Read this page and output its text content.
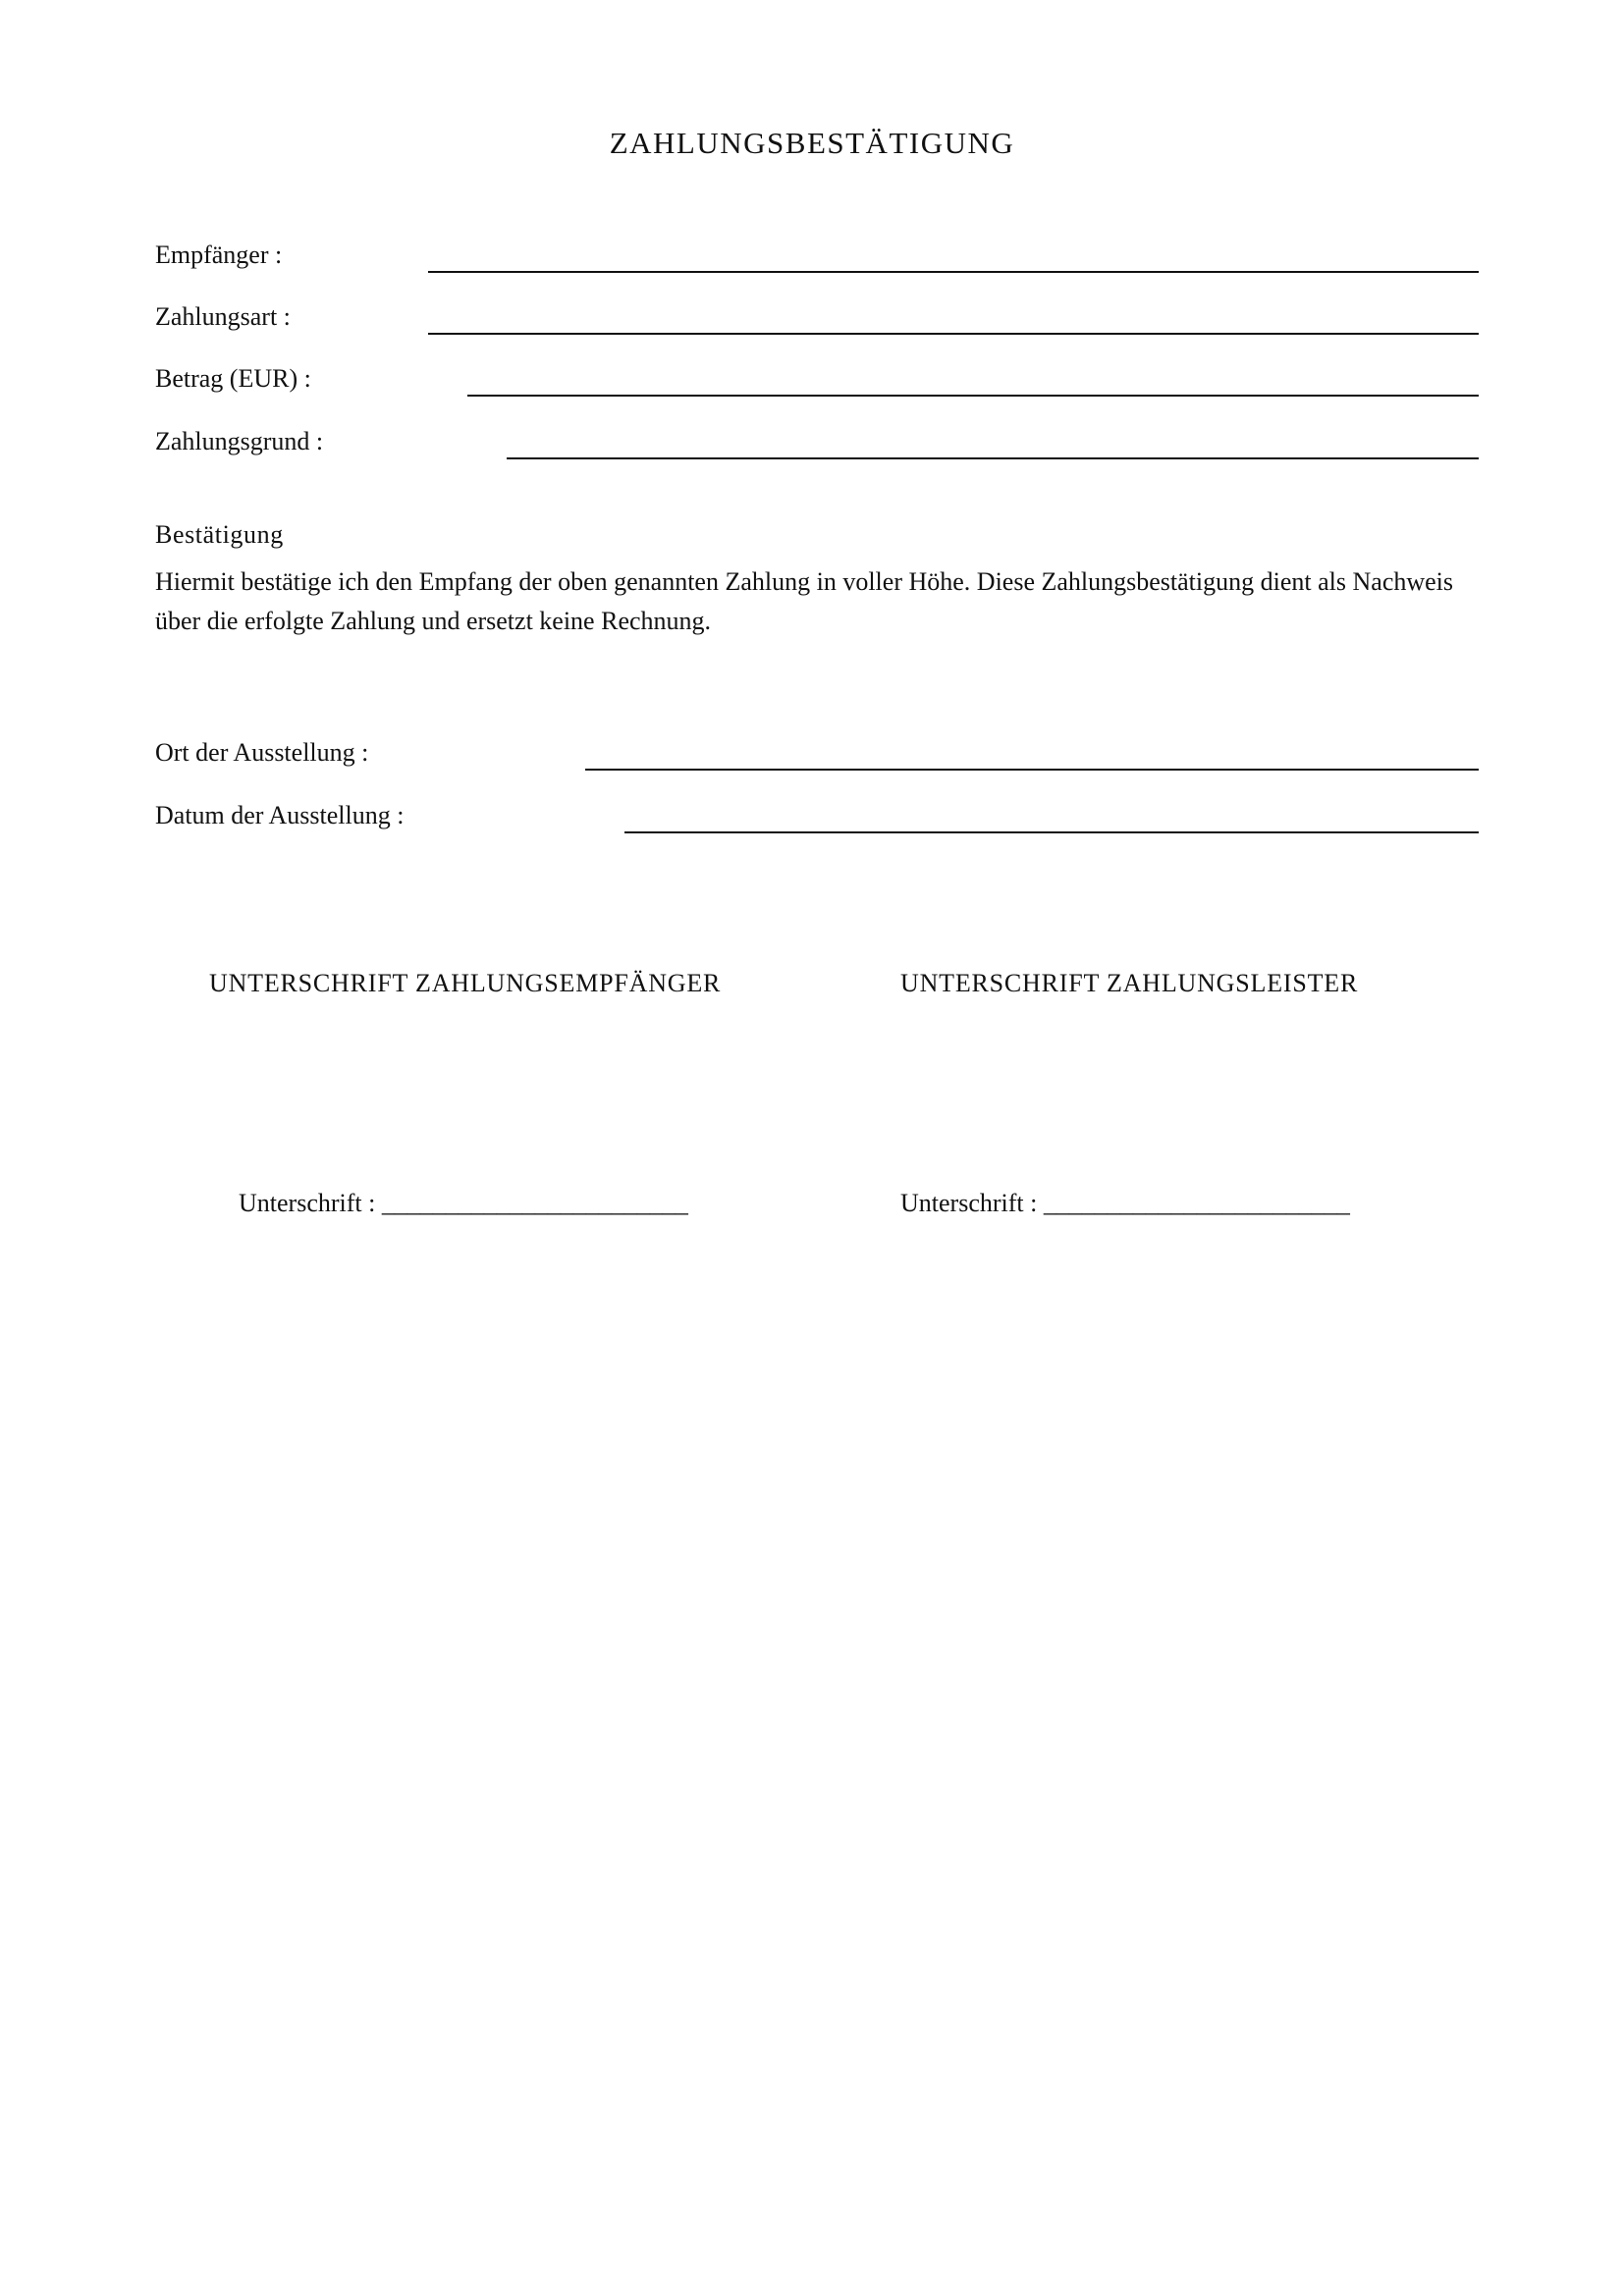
ZAHLUNGSBESTÄTIGUNG
Empfänger :
Zahlungsart :
Betrag (EUR) :
Zahlungsgrund :
Bestätigung
Hiermit bestätige ich den Empfang der oben genannten Zahlung in voller Höhe. Diese Zahlungsbestätigung dient als Nachweis über die erfolgte Zahlung und ersetzt keine Rechnung.
Ort der Ausstellung :
Datum der Ausstellung :
UNTERSCHRIFT ZAHLUNGSEMPFÄNGER	UNTERSCHRIFT ZAHLUNGSLEISTER
Unterschrift : ________________________	Unterschrift : ________________________
